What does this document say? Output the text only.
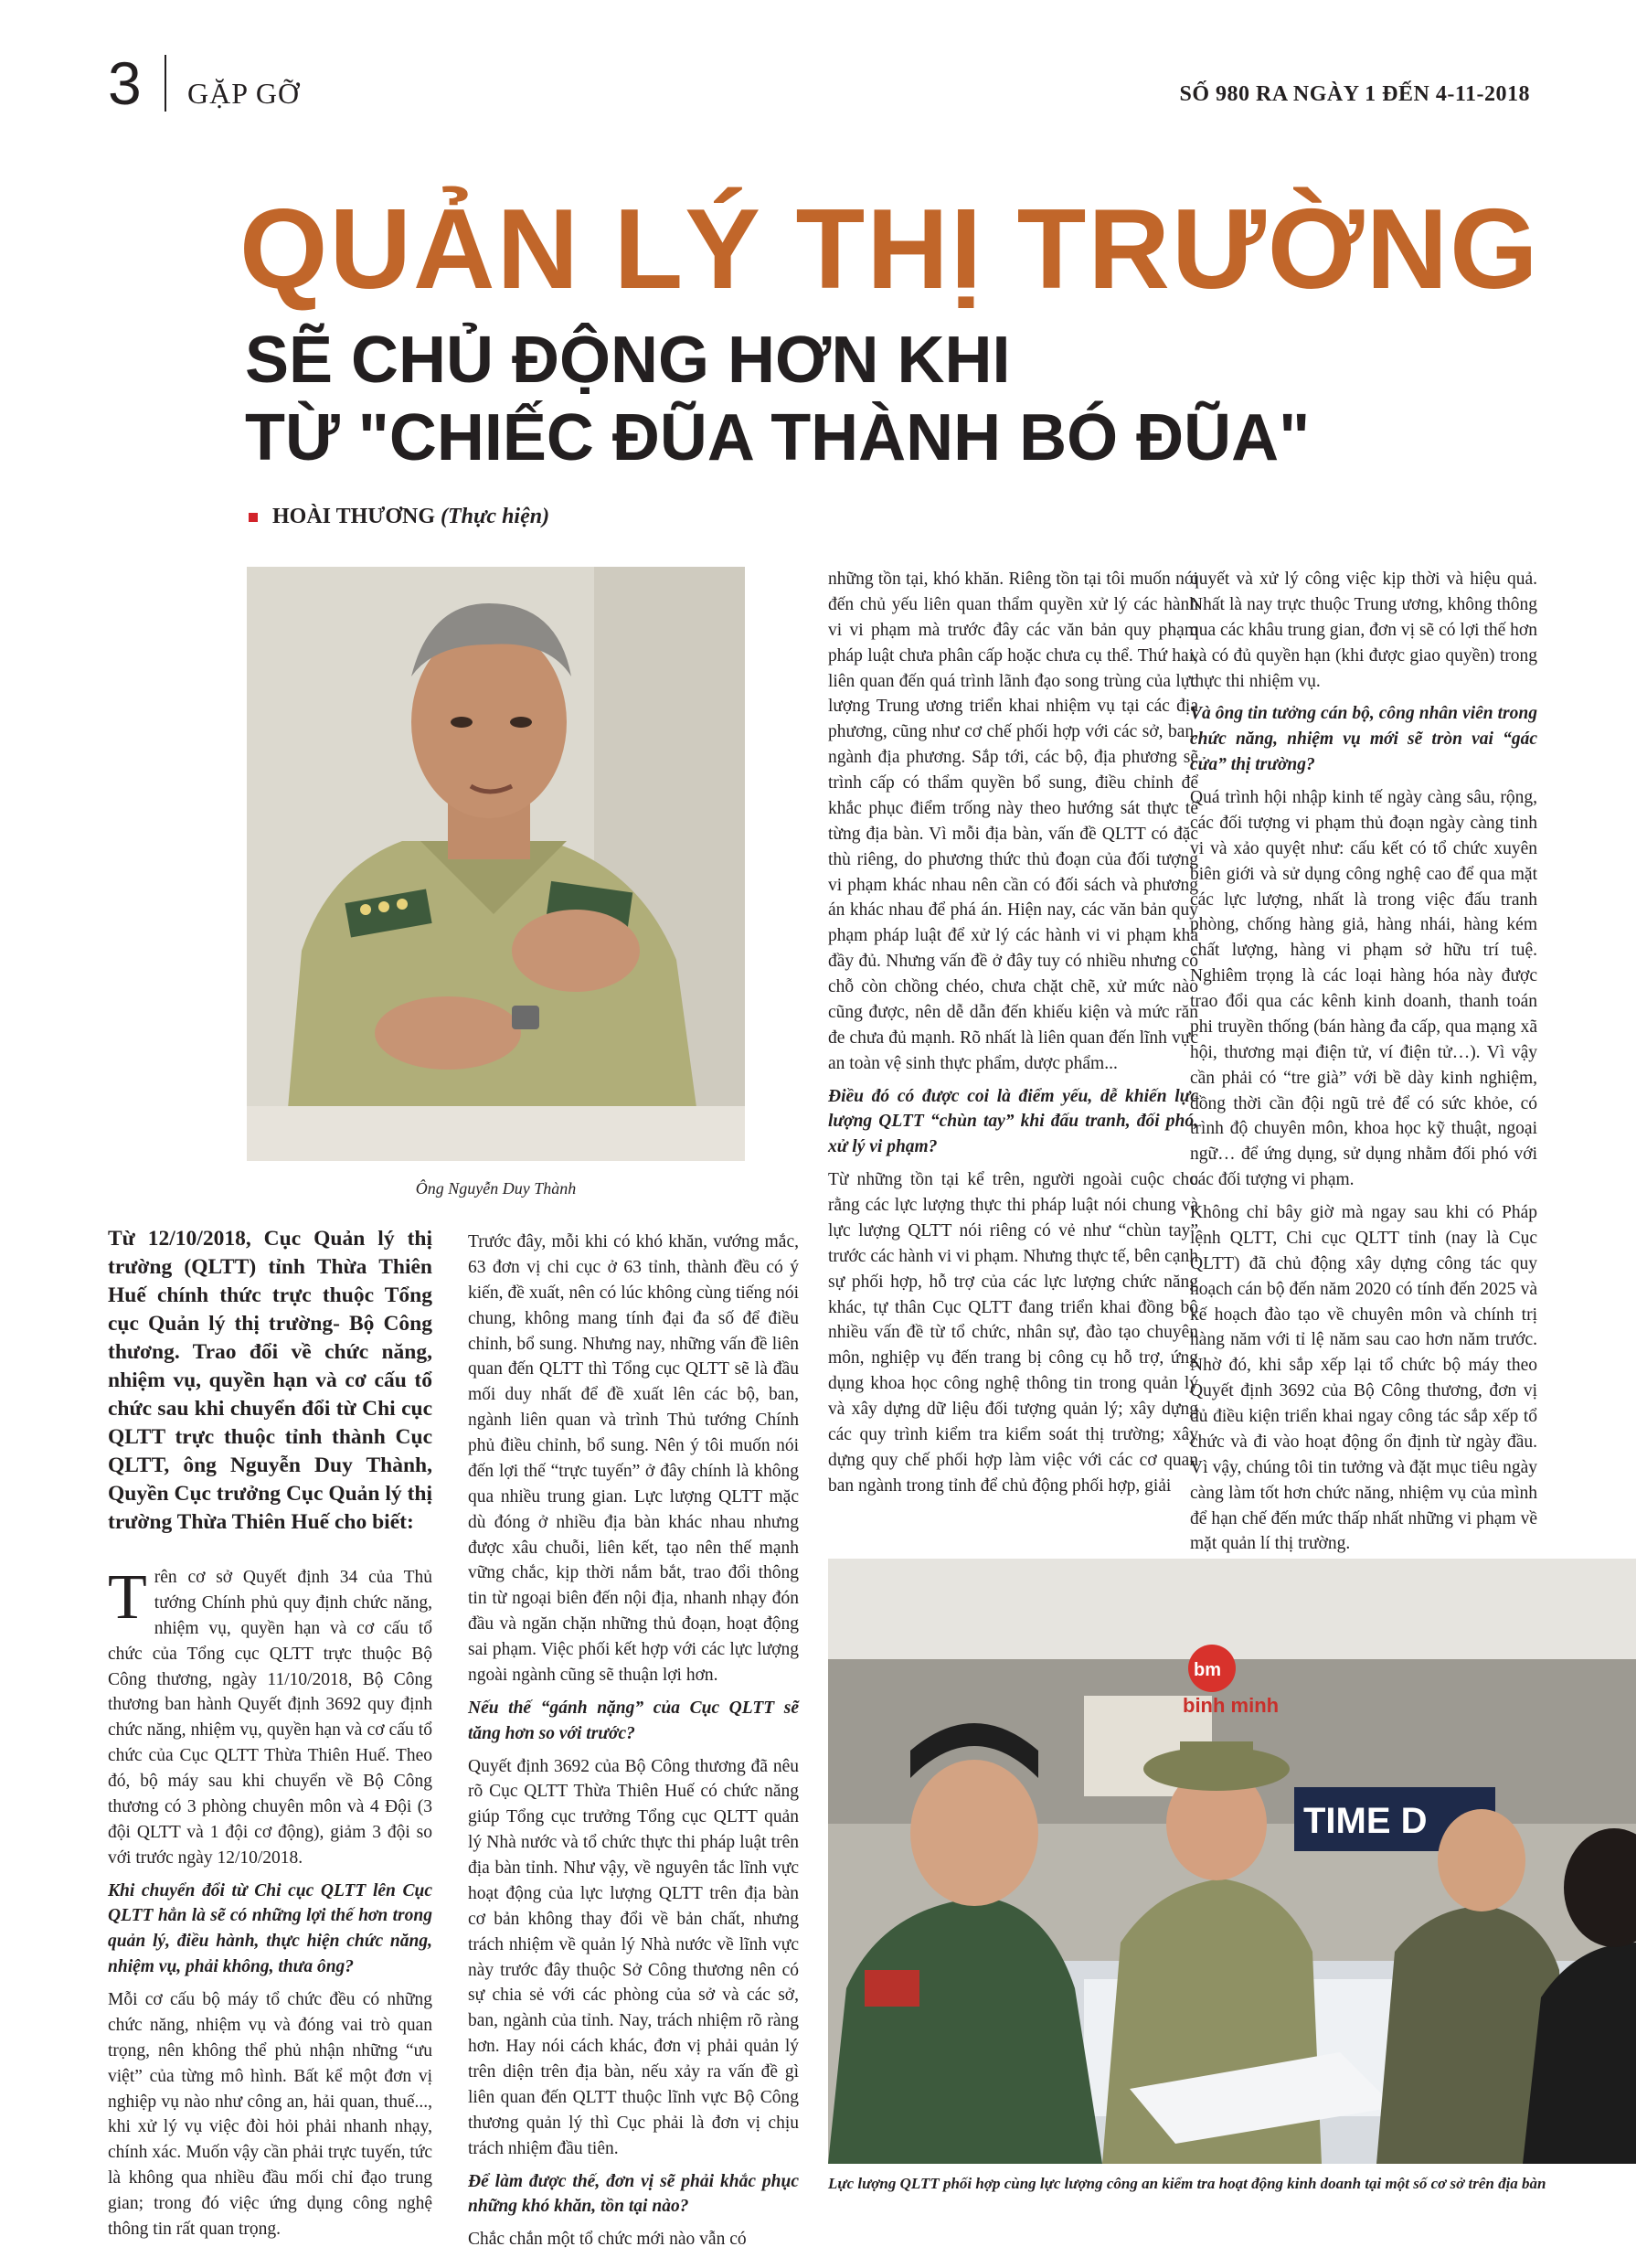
3 GẶP GỠ	SỐ 980 RA NGÀY 1 ĐẾN 4-11-2018
QUẢN LÝ THỊ TRƯỜNG
SẼ CHỦ ĐỘNG HƠN KHI
TỪ "CHIẾC ĐŨA THÀNH BÓ ĐŨA"
HOÀI THƯƠNG (Thực hiện)
Ông Nguyễn Duy Thành
Từ 12/10/2018, Cục Quản lý thị trường (QLTT) tỉnh Thừa Thiên Huế chính thức trực thuộc Tổng cục Quản lý thị trường- Bộ Công thương. Trao đổi về chức năng, nhiệm vụ, quyền hạn và cơ cấu tổ chức sau khi chuyển đổi từ Chi cục QLTT trực thuộc tỉnh thành Cục QLTT, ông Nguyễn Duy Thành, Quyền Cục trưởng Cục Quản lý thị trường Thừa Thiên Huế cho biết:

Trên cơ sở Quyết định 34 của Thủ tướng Chính phủ quy định chức năng, nhiệm vụ, quyền hạn và cơ cấu tổ chức của Tổng cục QLTT trực thuộc Bộ Công thương, ngày 11/10/2018, Bộ Công thương ban hành Quyết định 3692 quy định chức năng, nhiệm vụ, quyền hạn và cơ cấu tổ chức của Cục QLTT Thừa Thiên Huế. Theo đó, bộ máy sau khi chuyển về Bộ Công thương có 3 phòng chuyên môn và 4 Đội (3 đội QLTT và 1 đội cơ động), giảm 3 đội so với trước ngày 12/10/2018.

Khi chuyển đổi từ Chi cục QLTT lên Cục QLTT hẳn là sẽ có những lợi thế hơn trong quản lý, điều hành, thực hiện chức năng, nhiệm vụ, phải không, thưa ông?

Mỗi cơ cấu bộ máy tổ chức đều có những chức năng, nhiệm vụ và đóng vai trò quan trọng, nên không thể phủ nhận những “ưu việt” của từng mô hình. Bất kể một đơn vị nghiệp vụ nào như công an, hải quan, thuế..., khi xử lý vụ việc đòi hỏi phải nhanh nhạy, chính xác. Muốn vậy cần phải trực tuyến, tức là không qua nhiều đầu mối chỉ đạo trung gian; trong đó việc ứng dụng công nghệ thông tin rất quan trọng.

Trước đây, mỗi khi có khó khăn, vướng mắc, 63 đơn vị chi cục ở 63 tỉnh, thành đều có ý kiến, đề xuất, nên có lúc không cùng tiếng nói chung, không mang tính đại đa số để điều chỉnh, bổ sung. Nhưng nay, những vấn đề liên quan đến QLTT thì Tổng cục QLTT sẽ là đầu mối duy nhất để đề xuất lên các bộ, ban, ngành liên quan và trình Thủ tướng Chính phủ điều chỉnh, bổ sung. Nên ý tôi muốn nói đến lợi thế “trực tuyến” ở đây chính là không qua nhiều trung gian. Lực lượng QLTT mặc dù đóng ở nhiều địa bàn khác nhau nhưng được xâu chuỗi, liên kết, tạo nên thế mạnh vững chắc, kịp thời nắm bắt, trao đổi thông tin từ ngoại biên đến nội địa, nhanh nhạy đón đầu và ngăn chặn những thủ đoạn, hoạt động sai phạm. Việc phối kết hợp với các lực lượng ngoài ngành cũng sẽ thuận lợi hơn.

Nếu thế “gánh nặng” của Cục QLTT sẽ tăng hơn so với trước?

Quyết định 3692 của Bộ Công thương đã nêu rõ Cục QLTT Thừa Thiên Huế có chức năng giúp Tổng cục trưởng Tổng cục QLTT quản lý Nhà nước và tổ chức thực thi pháp luật trên địa bàn tỉnh. Như vậy, về nguyên tắc lĩnh vực hoạt động của lực lượng QLTT trên địa bàn cơ bản không thay đổi về bản chất, nhưng trách nhiệm về quản lý Nhà nước về lĩnh vực này trước đây thuộc Sở Công thương nên có sự chia sẻ với các phòng của sở và các sở, ban, ngành của tỉnh. Nay, trách nhiệm rõ ràng hơn. Hay nói cách khác, đơn vị phải quản lý trên diện trên địa bàn, nếu xảy ra vấn đề gì liên quan đến QLTT thuộc lĩnh vực Bộ Công thương quản lý thì Cục phải là đơn vị chịu trách nhiệm đầu tiên.

Để làm được thế, đơn vị sẽ phải khắc phục những khó khăn, tồn tại nào?

Chắc chắn một tổ chức mới nào vẫn có

những tồn tại, khó khăn. Riêng tồn tại tôi muốn nói đến chủ yếu liên quan thẩm quyền xử lý các hành vi vi phạm mà trước đây các văn bản quy phạm pháp luật chưa phân cấp hoặc chưa cụ thể. Thứ hai, liên quan đến quá trình lãnh đạo song trùng của lực lượng Trung ương triển khai nhiệm vụ tại các địa phương, cũng như cơ chế phối hợp với các sở, ban, ngành địa phương. Sắp tới, các bộ, địa phương sẽ trình cấp có thẩm quyền bổ sung, điều chỉnh để khắc phục điểm trống này theo hướng sát thực tế từng địa bàn. Vì mỗi địa bàn, vấn đề QLTT có đặc thù riêng, do phương thức thủ đoạn của đối tượng vi phạm khác nhau nên cần có đối sách và phương án khác nhau để phá án. Hiện nay, các văn bản quy phạm pháp luật để xử lý các hành vi vi phạm khá đầy đủ. Nhưng vấn đề ở đây tuy có nhiều nhưng có chỗ còn chồng chéo, chưa chặt chẽ, xử mức nào cũng được, nên dễ dẫn đến khiếu kiện và mức răn đe chưa đủ mạnh. Rõ nhất là liên quan đến lĩnh vực an toàn vệ sinh thực phẩm, dược phẩm...

Điều đó có được coi là điểm yếu, dễ khiến lực lượng QLTT “chùn tay” khi đấu tranh, đối phó, xử lý vi phạm?

Từ những tồn tại kể trên, người ngoài cuộc cho rằng các lực lượng thực thi pháp luật nói chung và lực lượng QLTT nói riêng có vẻ như “chùn tay” trước các hành vi vi phạm. Nhưng thực tế, bên cạnh sự phối hợp, hỗ trợ của các lực lượng chức năng khác, tự thân Cục QLTT đang triển khai đồng bộ nhiều vấn đề từ tổ chức, nhân sự, đào tạo chuyên môn, nghiệp vụ đến trang bị công cụ hỗ trợ, ứng dụng khoa học công nghệ thông tin trong quản lý và xây dựng dữ liệu đối tượng quản lý; xây dựng các quy trình kiểm tra kiểm soát thị trường; xây dựng quy chế phối hợp làm việc với các cơ quan ban ngành trong tỉnh để chủ động phối hợp, giải

quyết và xử lý công việc kịp thời và hiệu quả. Nhất là nay trực thuộc Trung ương, không thông qua các khâu trung gian, đơn vị sẽ có lợi thế hơn và có đủ quyền hạn (khi được giao quyền) trong thực thi nhiệm vụ.

Và ông tin tưởng cán bộ, công nhân viên trong chức năng, nhiệm vụ mới sẽ tròn vai “gác cửa” thị trường?

Quá trình hội nhập kinh tế ngày càng sâu, rộng, các đối tượng vi phạm thủ đoạn ngày càng tinh vi và xảo quyệt như: cấu kết có tổ chức xuyên biên giới và sử dụng công nghệ cao để qua mặt các lực lượng, nhất là trong việc đấu tranh phòng, chống hàng giả, hàng nhái, hàng kém chất lượng, hàng vi phạm sở hữu trí tuệ. Nghiêm trọng là các loại hàng hóa này được trao đổi qua các kênh kinh doanh, thanh toán phi truyền thống (bán hàng đa cấp, qua mạng xã hội, thương mại điện tử, ví điện tử…). Vì vậy cần phải có “tre già” với bề dày kinh nghiệm, đồng thời cần đội ngũ trẻ để có sức khỏe, có trình độ chuyên môn, khoa học kỹ thuật, ngoại ngữ… để ứng dụng, sử dụng nhằm đối phó với các đối tượng vi phạm.

Không chỉ bây giờ mà ngay sau khi có Pháp lệnh QLTT, Chi cục QLTT tỉnh (nay là Cục QLTT) đã chủ động xây dựng công tác quy hoạch cán bộ đến năm 2020 có tính đến 2025 và kế hoạch đào tạo về chuyên môn và chính trị hàng năm với tỉ lệ năm sau cao hơn năm trước. Nhờ đó, khi sắp xếp lại tổ chức bộ máy theo Quyết định 3692 của Bộ Công thương, đơn vị đủ điều kiện triển khai ngay công tác sắp xếp tổ chức và đi vào hoạt động ổn định từ ngày đầu. Vì vậy, chúng tôi tin tưởng và đặt mục tiêu ngày càng làm tốt hơn chức năng, nhiệm vụ của mình để hạn chế đến mức thấp nhất những vi phạm về mặt quản lí thị trường.

bm
binh minh
TIME D
Lực lượng QLTT phối hợp cùng lực lượng công an kiểm tra hoạt động kinh doanh tại một số cơ sở trên địa bàn
